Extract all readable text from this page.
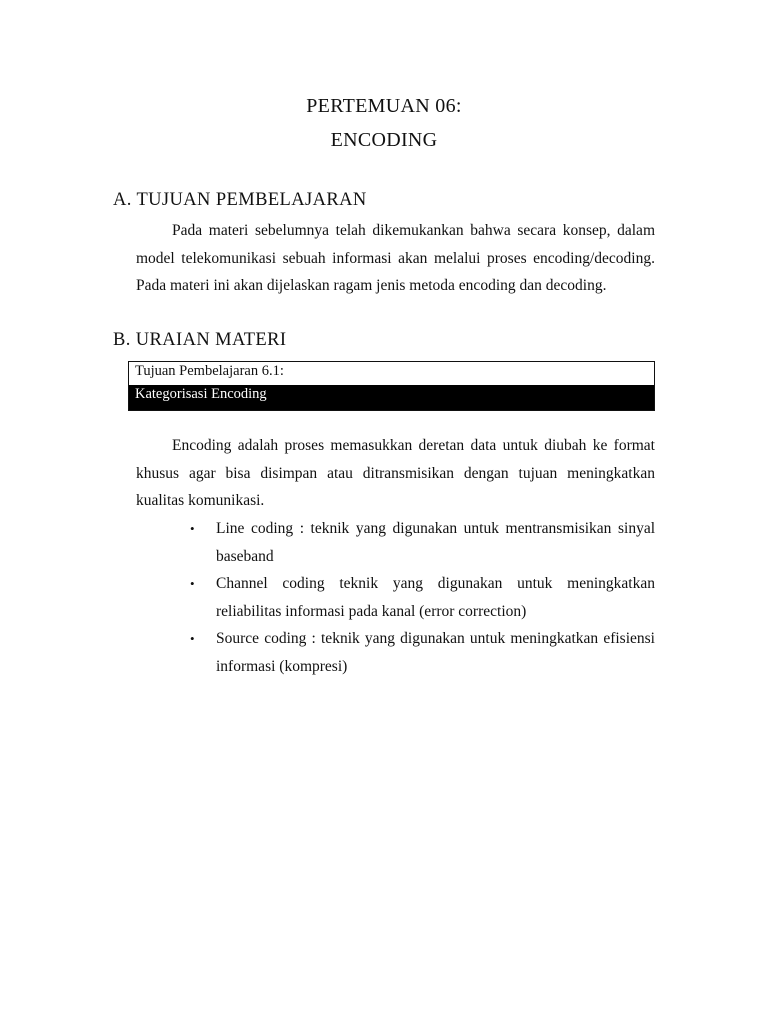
PERTEMUAN 06:
ENCODING
A. TUJUAN PEMBELAJARAN

Pada materi sebelumnya telah dikemukankan bahwa secara konsep, dalam model telekomunikasi sebuah informasi akan melalui proses encoding/decoding. Pada materi ini akan dijelaskan ragam jenis metoda encoding dan decoding.

B. URAIAN MATERI
Tujuan Pembelajaran 6.1:
Kategorisasi Encoding

Encoding adalah proses memasukkan deretan data untuk diubah ke format khusus agar bisa disimpan atau ditransmisikan dengan tujuan meningkatkan kualitas komunikasi.

• Line coding : teknik yang digunakan untuk mentransmisikan sinyal baseband
• Channel coding teknik yang digunakan untuk meningkatkan reliabilitas informasi pada kanal (error correction)
• Source coding : teknik yang digunakan untuk meningkatkan efisiensi informasi (kompresi)
